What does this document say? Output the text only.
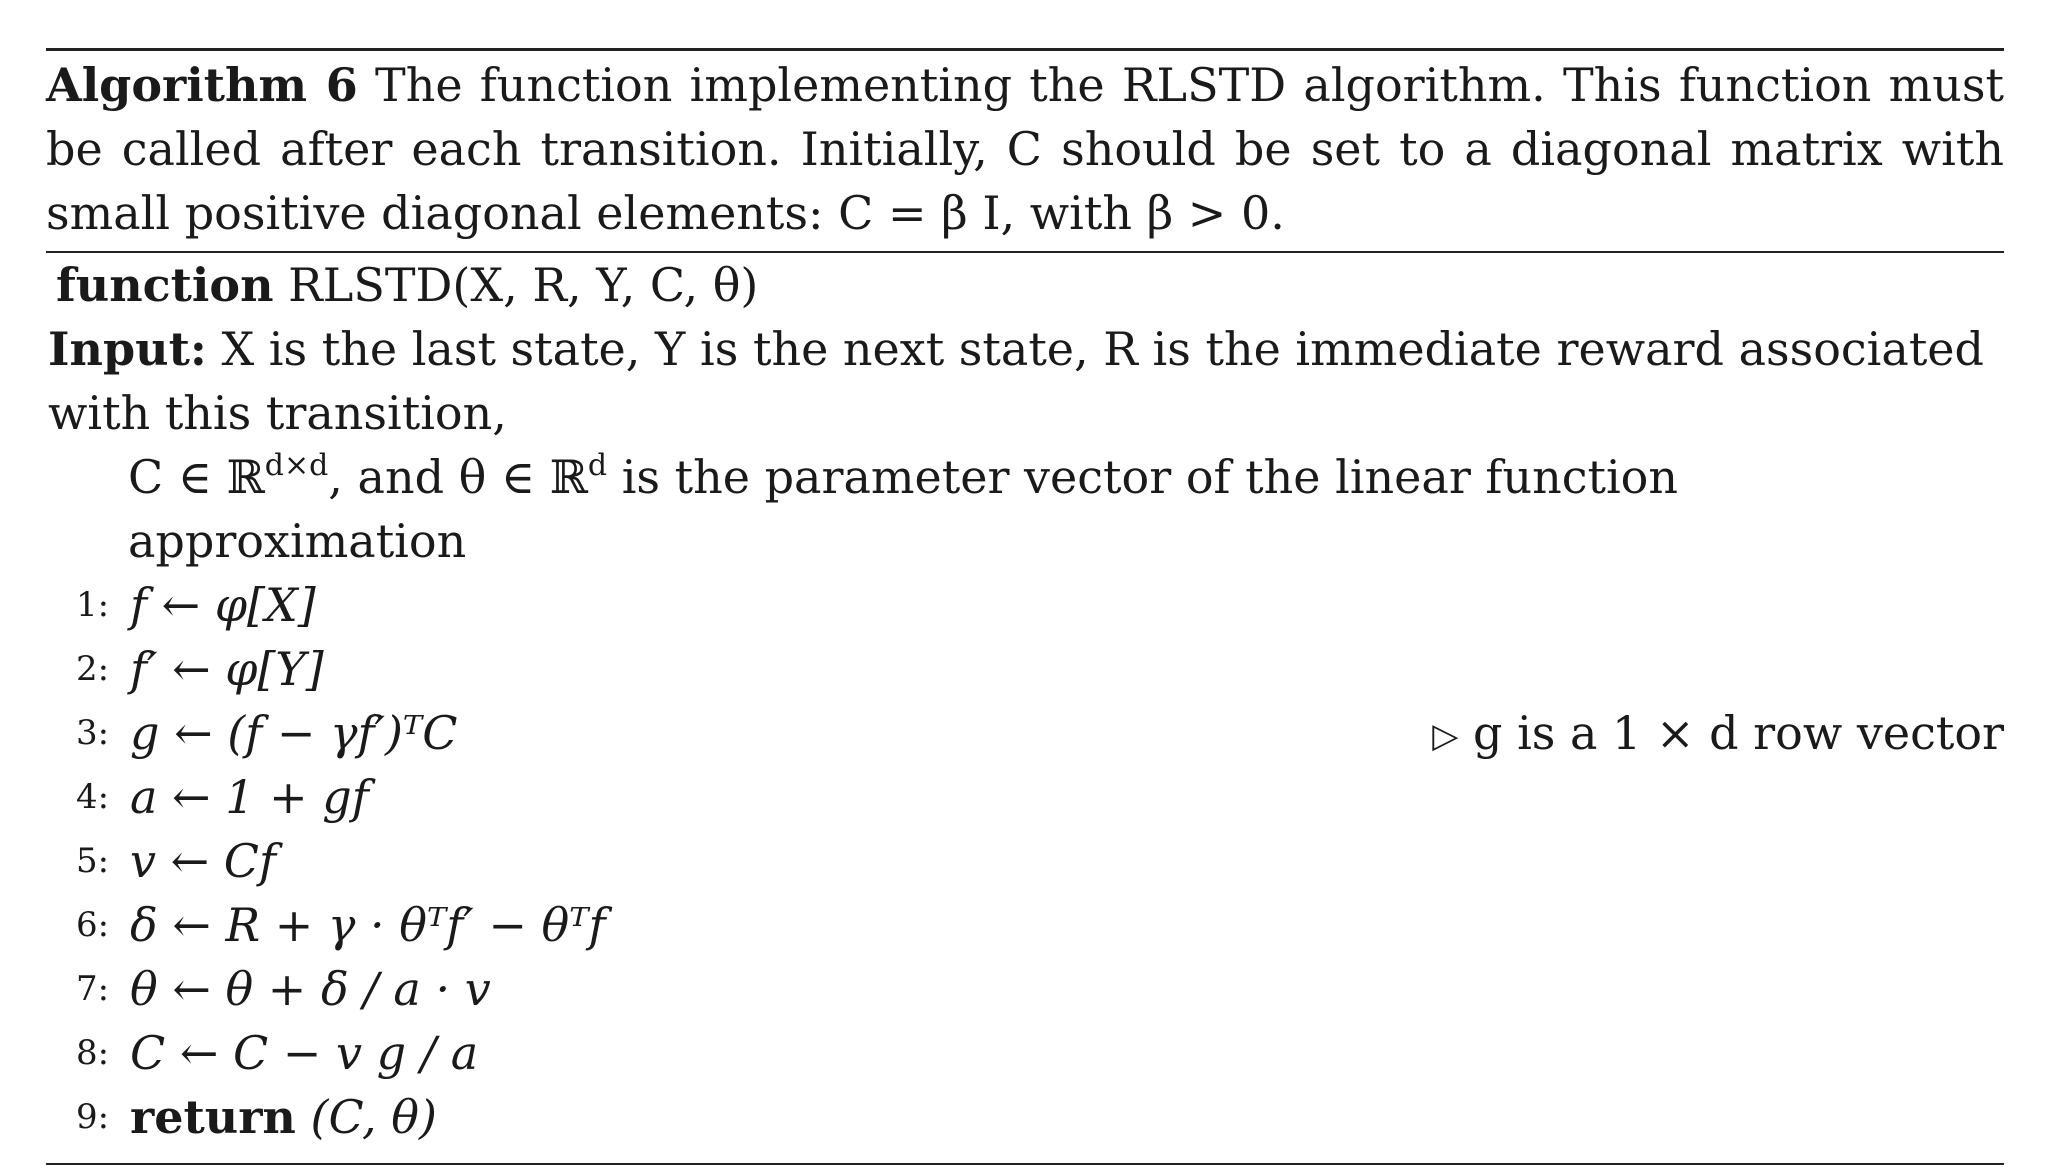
Algorithm 6 The function implementing the RLSTD algorithm. This function must be called after each transition. Initially, C should be set to a diagonal matrix with small positive diagonal elements: C = β I, with β > 0.
function RLSTD(X, R, Y, C, θ)
Input: X is the last state, Y is the next state, R is the immediate reward associated with this transition,
C ∈ ℝ$^{d\times d}$, and θ ∈ ℝ$^d$ is the parameter vector of the linear function approximation
1: f ← φ[X]
2: f′ ← φ[Y]
3: g ← (f − γf′)ᵀC	▷ g is a 1 × d row vector
4: a ← 1 + gf
5: v ← Cf
6: δ ← R + γ · θᵀf′ − θᵀf
7: θ ← θ + δ / a · v
8: C ← C − v g / a
9: return (C, θ)
